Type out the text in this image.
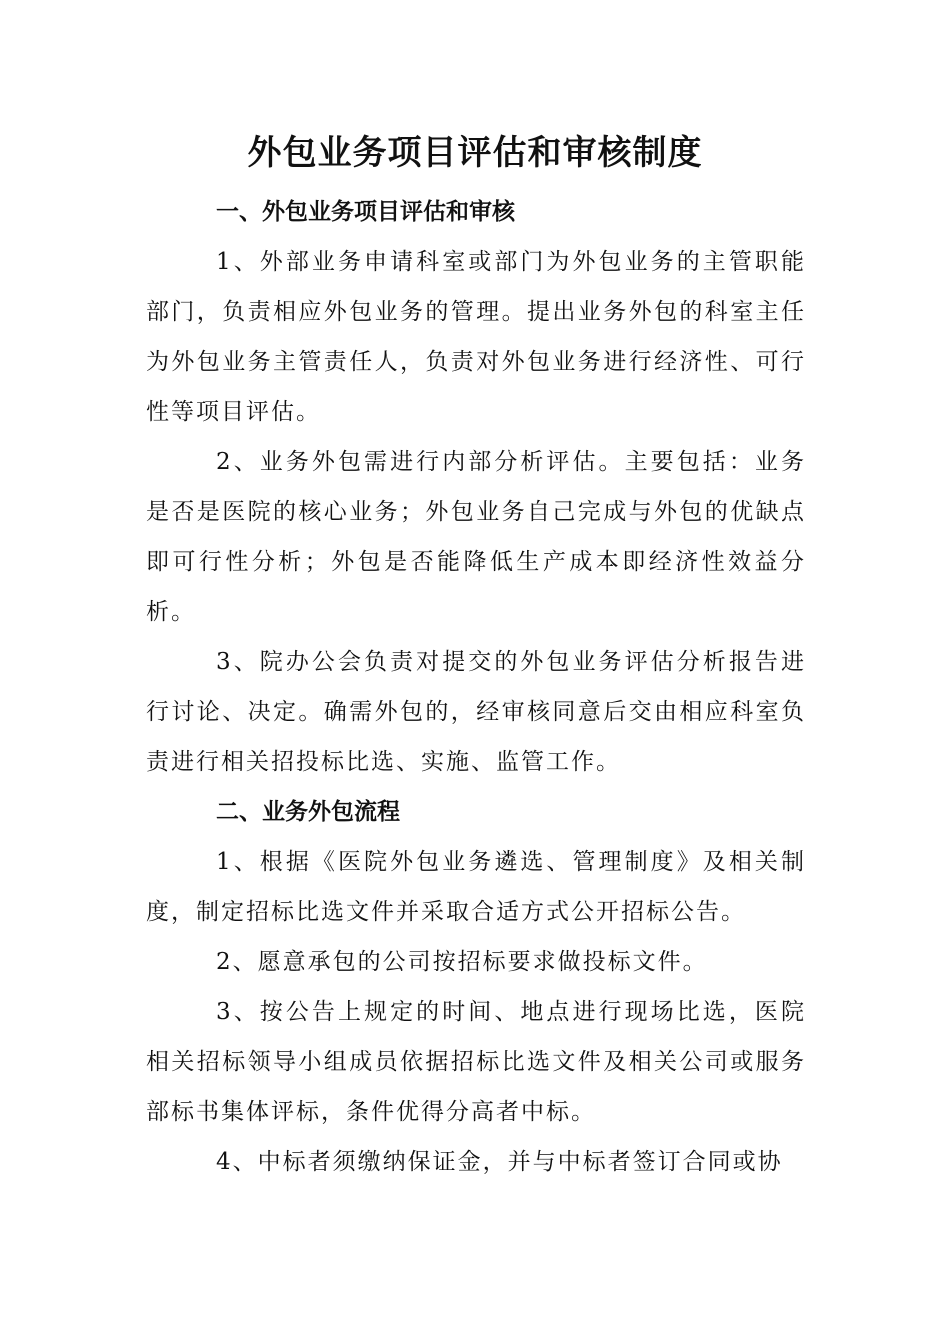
外包业务项目评估和审核制度

一、外包业务项目评估和审核

1、外部业务申请科室或部门为外包业务的主管职能部门，负责相应外包业务的管理。提出业务外包的科室主任为外包业务主管责任人，负责对外包业务进行经济性、可行性等项目评估。

2、业务外包需进行内部分析评估。主要包括：业务是否是医院的核心业务；外包业务自己完成与外包的优缺点即可行性分析；外包是否能降低生产成本即经济性效益分析。

3、院办公会负责对提交的外包业务评估分析报告进行讨论、决定。确需外包的，经审核同意后交由相应科室负责进行相关招投标比选、实施、监管工作。

二、业务外包流程

1、根据《医院外包业务遴选、管理制度》及相关制度，制定招标比选文件并采取合适方式公开招标公告。

2、愿意承包的公司按招标要求做投标文件。

3、按公告上规定的时间、地点进行现场比选，医院相关招标领导小组成员依据招标比选文件及相关公司或服务部标书集体评标，条件优得分高者中标。

4、中标者须缴纳保证金，并与中标者签订合同或协
